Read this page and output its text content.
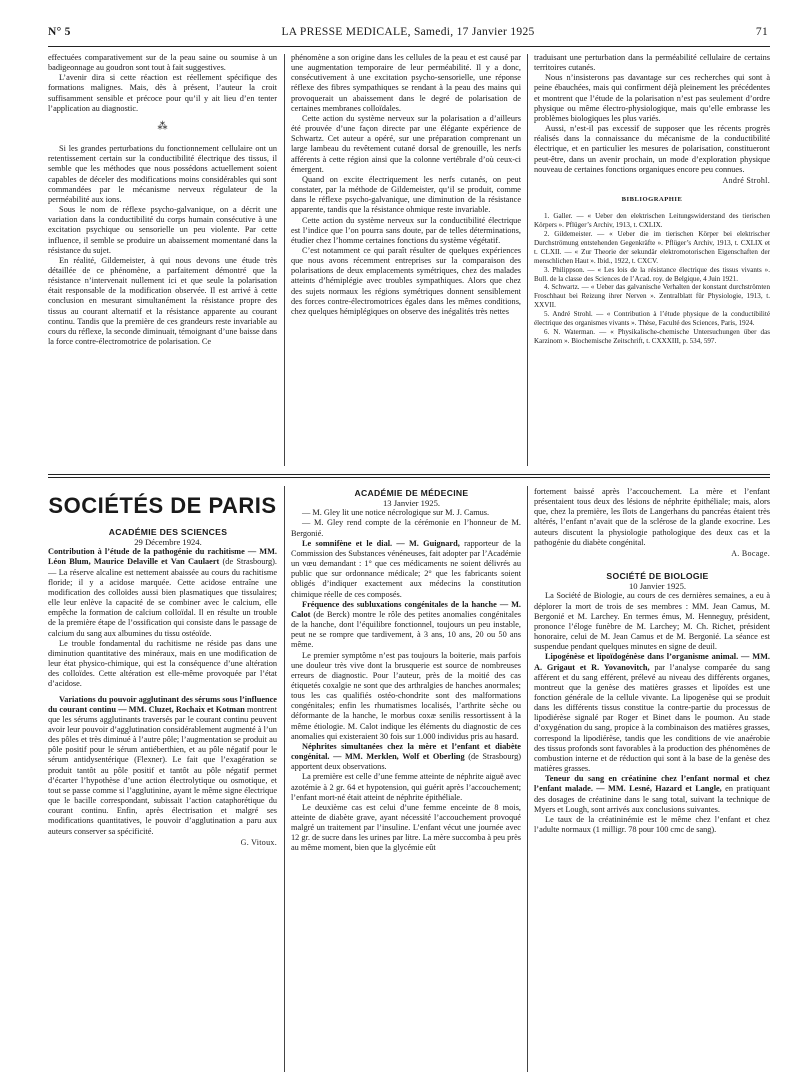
N° 5	LA PRESSE MEDICALE, Samedi, 17 Janvier 1925	71

effectuées comparativement sur de la peau saine ou soumise à un badigeonnage au goudron sont tout à fait suggestives.

L’avenir dira si cette réaction est réellement spécifique des formations malignes. Mais, dès à présent, l’auteur la croit suffisamment sensible et précoce pour qu’il y ait lieu d’en tenter l’application au diagnostic.

⁂

Si les grandes perturbations du fonctionnement cellulaire ont un retentissement certain sur la conductibilité électrique des tissus, il semble que les méthodes que nous possédons actuellement soient capables de déceler des modifications moins considérables qui sont commandées par le mécanisme nerveux régulateur de la perméabilité aux ions.

Sous le nom de réflexe psycho-galvanique, on a décrit une variation dans la conductibilité du corps humain consécutive à une excitation psychique ou sensorielle un peu violente. Par cette influence, il semble se produire un abaissement momentané dans la résistance du sujet.

En réalité, Gildemeister, à qui nous devons une étude très détaillée de ce phénomène, a parfaitement démontré que la résistance n’intervenait nullement ici et que seule la polarisation était responsable de la modification observée. Il est arrivé à cette conclusion en mesurant simultanément la résistance propre des tissus au courant alternatif et la résistance apparente au courant continu. Tandis que la première de ces grandeurs reste invariable au cours du réflexe, la seconde diminuait, témoignant d’une baisse dans la force contre-électromotrice de polarisation. Ce

phénomène a son origine dans les cellules de la peau et est causé par une augmentation temporaire de leur perméabilité. Il y a donc, consécutivement à une excitation psycho-sensorielle, une réponse réflexe des fibres sympathiques se rendant à la peau des mains qui provoquerait un abaissement dans le degré de polarisation de certaines membranes colloïdales.

Cette action du système nerveux sur la polarisation a d’ailleurs été prouvée d’une façon directe par une élégante expérience de Schwartz. Cet auteur a opéré, sur une préparation comprenant un large lambeau du revêtement cutané dorsal de grenouille, les nerfs afférents à cette région ainsi que la colonne vertébrale d’où ceux-ci émergent.

Quand on excite électriquement les nerfs cutanés, on peut constater, par la méthode de Gildemeister, qu’il se produit, comme dans le réflexe psycho-galvanique, une diminution de la résistance apparente, tandis que la résistance ohmique reste invariable.

Cette action du système nerveux sur la conductibilité électrique est l’indice que l’on pourra sans doute, par de telles déterminations, étudier chez l’homme certaines fonctions du système végétatif.

C’est notamment ce qui paraît résulter de quelques expériences que nous avons récemment entreprises sur la comparaison des polarisations de deux emplacements symétriques, chez des malades atteints d’hémiplégie avec troubles sympathiques. Alors que chez des sujets normaux les régions symétriques donnent sensiblement des forces contre-électromotrices égales dans les mêmes conditions, chez quelques hémiplégiques on observe des inégalités très nettes

traduisant une perturbation dans la perméabilité cellulaire de certains territoires cutanés.

Nous n’insisterons pas davantage sur ces recherches qui sont à peine ébauchées, mais qui confirment déjà pleinement les précédentes et montrent que l’étude de la polarisation n’est pas seulement d’ordre physique ou même électro-physiologique, mais qu’elle embrasse les problèmes biologiques les plus variés.

Aussi, n’est-il pas excessif de supposer que les récents progrès réalisés dans la connaissance du mécanisme de la conductibilité électrique, et en particulier les mesures de polarisation, constitueront peut-être, dans un avenir prochain, un mode d’exploration physique nouveau de certaines fonctions organiques encore peu connues.

André Strohl.

BIBLIOGRAPHIE

1. Galler. — « Ueber den elektrischen Leitungswiderstand des tierischen Körpers ». Pflüger’s Archiv, 1913, t. CXLIX.

2. Gildemeister. — « Ueber die im tierischen Körper bei elektrischer Durchströmung entstehenden Gegenkräfte ». Pflüger’s Archiv, 1913, t. CXLIX et t. CLXII. — « Zur Theorie der sekundär elektromotorischen Eigenschaften der menschlichen Haut ». Ibid., 1922, t. CXCV.

3. Philippson. — « Les lois de la résistance électrique des tissus vivants ». Bull. de la classe des Sciences de l’Acad. roy. de Belgique, 4 Juin 1921.

4. Schwartz. — « Ueber das galvanische Verhalten der konstant durchströmten Froschhaut bei Reizung ihrer Nerven ». Zentralblatt für Physiologie, 1913, t. XXVII.

5. André Strohl. — « Contribution à l’étude physique de la conductibilité électrique des organismes vivants ». Thèse, Faculté des Sciences, Paris, 1924.

6. N. Waterman. — « Physikalische-chemische Untersuchungen über das Karzinom ». Biochemische Zeitschrift, t. CXXXIII, p. 534, 597.

SOCIÉTÉS DE PARIS

ACADÉMIE DES SCIENCES

29 Décembre 1924.

Contribution à l’étude de la pathogénie du rachitisme — MM. Léon Blum, Maurice Delaville et Van Caulaert (de Strasbourg). — La réserve alcaline est nettement abaissée au cours du rachitisme floride; il y a acidose marquée. Cette acidose entraîne une modification des colloïdes aussi bien plasmatiques que tissulaires; elle leur enlève la capacité de se combiner avec le calcium, elle empêche la formation de calcium colloïdal. Il en résulte un trouble de la première étape de l’ossification qui consiste dans le passage de calcium du sang aux albumines du tissu ostéoïde.

Le trouble fondamental du rachitisme ne réside pas dans une diminution quantitative des minéraux, mais en une modification de leur état physico-chimique, qui est la conséquence d’une altération des colloïdes. Cette altération est elle-même provoquée par l’état d’acidose.

Variations du pouvoir agglutinant des sérums sous l’influence du courant continu — MM. Cluzet, Rochaix et Kotman montrent que les sérums agglutinants traversés par le courant continu peuvent avoir leur pouvoir d’agglutination considérablement augmenté à l’un des pôles et très diminué à l’autre pôle; l’augmentation se produit au pôle positif pour le sérum antiéberthien, et au pôle négatif pour le sérum antidysentérique (Flexner). Le fait que l’exagération se produit tantôt au pôle positif et tantôt au pôle négatif permet d’écarter l’hypothèse d’une action électrolytique ou osmotique, et tout se passe comme si l’agglutinine, ayant le même signe électrique que le bacille correspondant, subissait l’action cataphorétique du courant continu. Enfin, après électrisation et malgré ses modifications quantitatives, le pouvoir d’agglutination a paru aux auteurs conserver sa spécificité.

G. Vitoux.

ACADÉMIE DE MÉDECINE

13 Janvier 1925.

— M. Gley lit une notice nécrologique sur M. J. Camus.

— M. Gley rend compte de la cérémonie en l’honneur de M. Bergonié.

Le somnifène et le dial. — M. Guignard, rapporteur de la Commission des Substances vénéneuses, fait adopter par l’Académie un vœu demandant : 1° que ces médicaments ne soient délivrés au public que sur ordonnance médicale; 2° que les fabricants soient obligés d’indiquer exactement aux médecins la constitution chimique réelle de ces composés.

Fréquence des subluxations congénitales de la hanche — M. Calot (de Berck) montre le rôle des petites anomalies congénitales de la hanche, dont l’équilibre fonctionnel, toujours un peu instable, peut ne se rompre que tardivement, à 3 ans, 10 ans, 20 ou 50 ans même.

Le premier symptôme n’est pas toujours la boiterie, mais parfois une douleur très vive dont la brusquerie est source de nombreuses erreurs de diagnostic. Pour l’auteur, près de la moitié des cas étiquetés coxalgie ne sont que des arthralgies de hanches anormales; tous les cas qualifiés ostéo-chondrite sont des malformations congénitales; enfin les rhumatismes localisés, l’arthrite sèche ou déformante de la hanche, le morbus coxæ senilis ressortissent à la même étiologie. M. Calot indique les éléments du diagnostic de ces anomalies qui existeraient 30 fois sur 1.000 individus pris au hasard.

Néphrites simultanées chez la mère et l’enfant et diabète congénital. — MM. Merklen, Wolf et Oberling (de Strasbourg) apportent deux observations.

La première est celle d’une femme atteinte de néphrite aiguë avec azotémie à 2 gr. 64 et hypotension, qui guérit après l’accouchement; l’enfant mort-né était atteint de néphrite épithéliale.

Le deuxième cas est celui d’une femme enceinte de 8 mois, atteinte de diabète grave, ayant nécessité l’accouchement provoqué malgré un traitement par l’insuline. L’enfant vécut une journée avec 12 gr. de sucre dans les urines par litre. La mère succomba à peu près au même moment, bien que la glycémie eût

fortement baissé après l’accouchement. La mère et l’enfant présentaient tous deux des lésions de néphrite épithéliale; mais, alors que, chez la première, les îlots de Langerhans du pancréas étaient très altérés, l’enfant n’avait que de la sclérose de la glande exocrine. Les auteurs discutent la physiologie pathologique des deux cas et la pathogénie du diabète congénital.

A. Bocage.

SOCIÉTÉ DE BIOLOGIE

10 Janvier 1925.

La Société de Biologie, au cours de ces dernières semaines, a eu à déplorer la mort de trois de ses membres : MM. Jean Camus, M. Bergonié et M. Larchey. En termes émus, M. Henneguy, président, prononce l’éloge funèbre de M. Larchey; M. Ch. Richet, président honoraire, celui de M. Jean Camus et de M. Bergonié. La séance est suspendue pendant quelques minutes en signe de deuil.

Lipogénèse et lipoïdogénèse dans l’organisme animal. — MM. A. Grigaut et R. Yovanovitch, par l’analyse comparée du sang afférent et du sang efférent, prélevé au niveau des différents organes, montreut que la genèse des matières grasses et lipoïdes est une fonction générale de la cellule vivante. La lipogenèse qui se produit dans les différents tissus constitue la contre-partie du processus de lipodiérèse signalé par Roger et Binet dans le poumon. Au stade d’oxygénation du sang, propice à la combinaison des matières grasses, correspond la lipodiérèse, tandis que les conditions de vie anaérobie des tissus profonds sont favorables à la production des phénomènes de combustion interne et de réduction qui sont à la base de la genèse des matières grasses.

Teneur du sang en créatinine chez l’enfant normal et chez l’enfant malade. — MM. Lesné, Hazard et Langle, en pratiquant des dosages de créatinine dans le sang total, suivant la technique de Myers et Lough, sont arrivés aux conclusions suivantes.

Le taux de la créatininémie est le même chez l’enfant et chez l’adulte normaux (1 milligr. 78 pour 100 cmc de sang).
